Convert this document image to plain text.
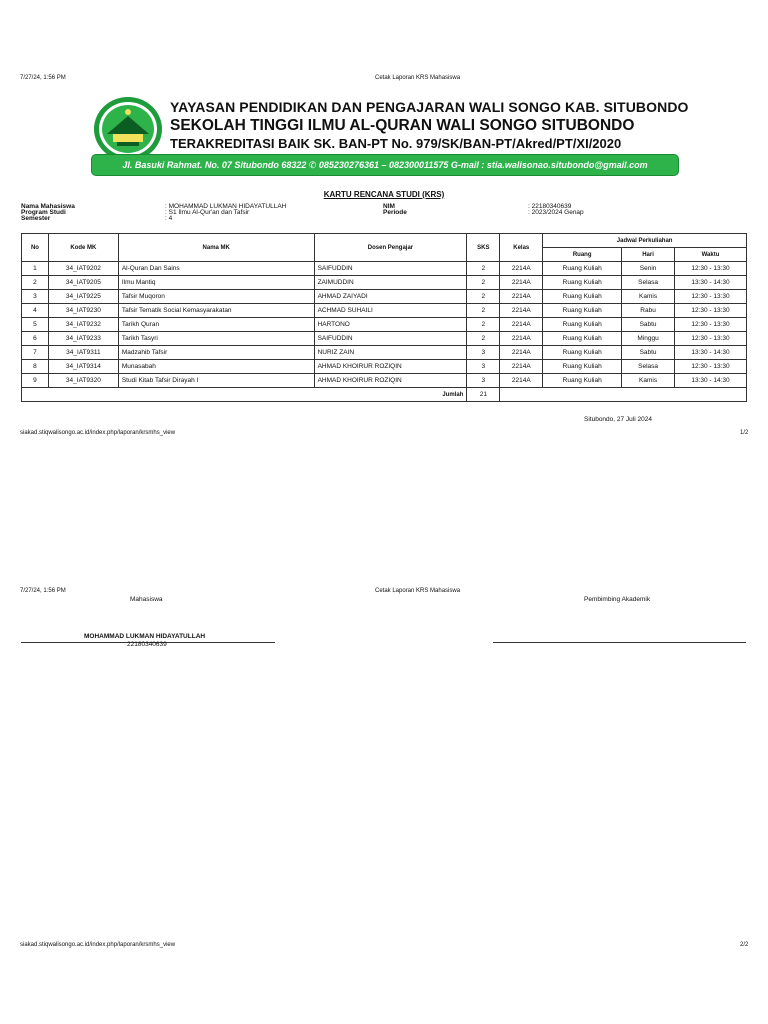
7/27/24, 1:56 PM	Cetak Laporan KRS Mahasiswa
YAYASAN PENDIDIKAN DAN PENGAJARAN WALI SONGO KAB. SITUBONDO
SEKOLAH TINGGI ILMU AL-QURAN WALI SONGO SITUBONDO
TERAKREDITASI BAIK SK. BAN-PT No. 979/SK/BAN-PT/Akred/PT/XI/2020
Jl. Basuki Rahmat. No. 07 Situbondo 68322 ✆ 085230276361 – 082300011575 G-mail : stia.walisonao.situbondo@gmail.com
KARTU RENCANA STUDI (KRS)
Nama Mahasiswa	: MOHAMMAD LUKMAN HIDAYATULLAH
Program Studi	: S1 Ilmu Al-Qur'an dan Tafsir
Semester	: 4
NIM	: 22180340639
Periode	: 2023/2024 Genap
No	Kode MK	Nama MK	Dosen Pengajar	SKS	Kelas	Jadwal Perkuliahan		
						Ruang	Hari	Waktu
1	34_IAT9202	Al-Quran Dan Sains	SAIFUDDIN	2	2214A	Ruang Kuliah	Senin	12:30 - 13:30
2	34_IAT9205	Ilmu Mantiq	ZAIMUDDIN	2	2214A	Ruang Kuliah	Selasa	13:30 - 14:30
3	34_IAT9225	Tafsir Muqoron	AHMAD ZAIYADI	2	2214A	Ruang Kuliah	Kamis	12:30 - 13:30
4	34_IAT9230	Tafsir Tematik Social Kemasyarakatan	ACHMAD SUHAILI	2	2214A	Ruang Kuliah	Rabu	12:30 - 13:30
5	34_IAT9232	Tarikh Quran	HARTONO	2	2214A	Ruang Kuliah	Sabtu	12:30 - 13:30
6	34_IAT9233	Tarikh Tasyri	SAIFUDDIN	2	2214A	Ruang Kuliah	Minggu	12:30 - 13:30
7	34_IAT9311	Madzahib Tafsir	NURIZ ZAIN	3	2214A	Ruang Kuliah	Sabtu	13:30 - 14:30
8	34_IAT9314	Munasabah	AHMAD KHOIRUR ROZIQIN	3	2214A	Ruang Kuliah	Selasa	12:30 - 13:30
9	34_IAT9320	Studi Kitab Tafsir Dirayah I	AHMAD KHOIRUR ROZIQIN	3	2214A	Ruang Kuliah	Kamis	13:30 - 14:30
Jumlah				21				
Situbondo, 27 Juli 2024
siakad.stiqwalisongo.ac.id/index.php/laporan/krsmhs_view	1/2
7/27/24, 1:56 PM	Cetak Laporan KRS Mahasiswa
Mahasiswa	Pembimbing Akademik
MOHAMMAD LUKMAN HIDAYATULLAH
22180340639
siakad.stiqwalisongo.ac.id/index.php/laporan/krsmhs_view	2/2
